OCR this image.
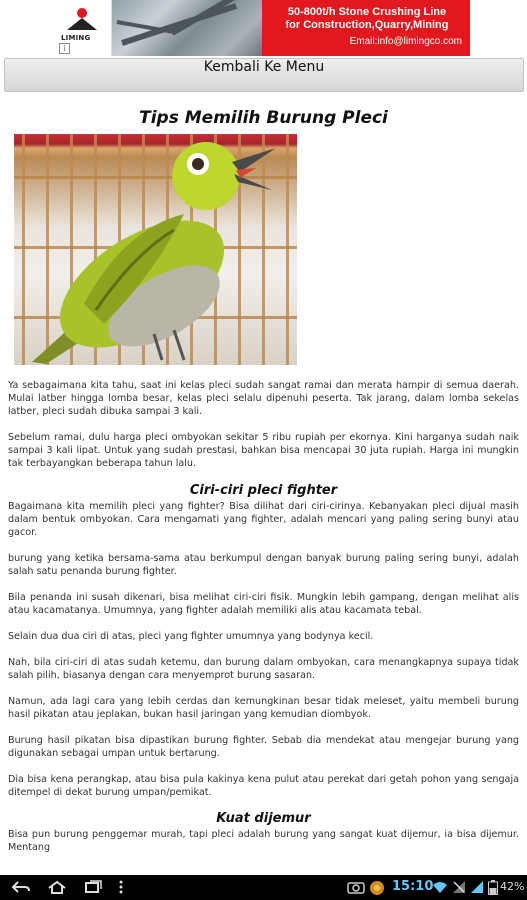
LIMING
i
50-800t/h Stone Crushing Line
for Construction,Quarry,Mining
Email:info@limingco.com
Kembali Ke Menu
Tips Memilih Burung Pleci

Ya sebagaimana kita tahu, saat ini kelas pleci sudah sangat ramai dan merata hampir di semua daerah. Mulai latber hingga lomba besar, kelas pleci selalu dipenuhi peserta. Tak jarang, dalam lomba sekelas latber, pleci sudah dibuka sampai 3 kali.

Sebelum ramai, dulu harga pleci ombyokan sekitar 5 ribu rupiah per ekornya. Kini harganya sudah naik sampai 3 kali lipat. Untuk yang sudah prestasi, bahkan bisa mencapai 30 juta rupiah. Harga ini mungkin tak terbayangkan beberapa tahun lalu.

Ciri-ciri pleci fighter

Bagaimana kita memilih pleci yang fighter? Bisa dilihat dari ciri-cirinya. Kebanyakan pleci dijual masih dalam bentuk ombyokan. Cara mengamati yang fighter, adalah mencari yang paling sering bunyi atau gacor.

burung yang ketika bersama-sama atau berkumpul dengan banyak burung paling sering bunyi, adalah salah satu penanda burung fighter.

Bila penanda ini susah dikenari, bisa melihat ciri-ciri fisik. Mungkin lebih gampang, dengan melihat alis atau kacamatanya. Umumnya, yang fighter adalah memiliki alis atau kacamata tebal.

Selain dua dua ciri di atas, pleci yang fighter umumnya yang bodynya kecil.

Nah, bila ciri-ciri di atas sudah ketemu, dan burung dalam ombyokan, cara menangkapnya supaya tidak salah pilih, biasanya dengan cara menyemprot burung sasaran.

Namun, ada lagi cara yang lebih cerdas dan kemungkinan besar tidak meleset, yaitu membeli burung hasil pikatan atau jeplakan, bukan hasil jaringan yang kemudian diombyok.

Burung hasil pikatan bisa dipastikan burung fighter. Sebab dia mendekat atau mengejar burung yang digunakan sebagai umpan untuk bertarung.

Dia bisa kena perangkap, atau bisa pula kakinya kena pulut atau perekat dari getah pohon yang sengaja ditempel di dekat burung umpan/pemikat.

Kuat dijemur

Bisa pun burung penggemar murah, tapi pleci adalah burung yang sangat kuat dijemur, ia bisa dijemur. Mentang

15:10	42%
